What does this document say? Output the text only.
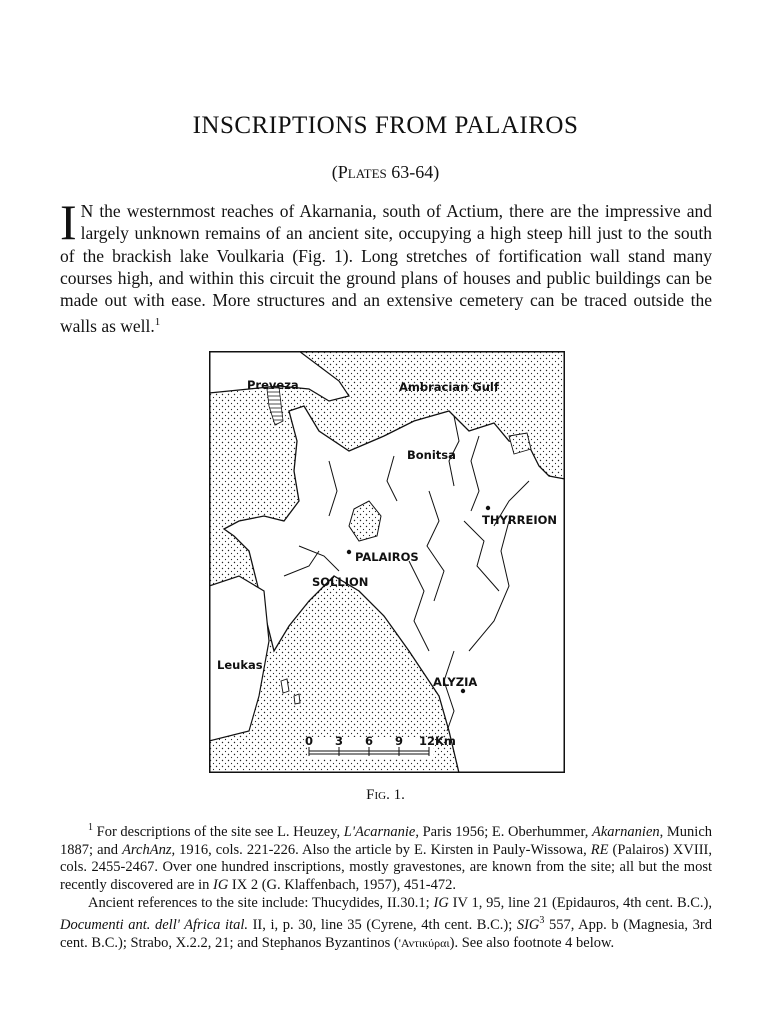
INSCRIPTIONS FROM PALAIROS
(Plates 63-64)
I N the westernmost reaches of Akarnania, south of Actium, there are the impressive and largely unknown remains of an ancient site, occupying a high steep hill just to the south of the brackish lake Voulkaria (Fig. 1). Long stretches of fortification wall stand many courses high, and within this circuit the ground plans of houses and public buildings can be made out with ease. More structures and an extensive cemetery can be traced outside the walls as well.$^1$
Preveza	Ambracian Gulf
Bonitsa
THYRREION
PALAIROS
SOLLION
Leukas
ALYZIA
0 3 6 9 12 Km
Fig. 1.

$^1$ For descriptions of the site see L. Heuzey, L'Acarnanie, Paris 1956; E. Oberhummer, Akarnanien, Munich 1887; and ArchAnz, 1916, cols. 221-226. Also the article by E. Kirsten in Pauly-Wissowa, RE (Palairos) XVIII, cols. 2455-2467. Over one hundred inscriptions, mostly gravestones, are known from the site; all but the most recently discovered are in IG IX 2 (G. Klaffenbach, 1957), 451-472.

Ancient references to the site include: Thucydides, II.30.1; IG IV 1, 95, line 21 (Epidauros, 4th cent. B.C.), Documenti ant. dell' Africa ital. II, i, p. 30, line 35 (Cyrene, 4th cent. B.C.); SIG$^3$ 557, App. b (Magnesia, 3rd cent. B.C.); Strabo, X.2.2, 21; and Stephanos Byzantinos ('Αντικύραι). See also footnote 4 below.
